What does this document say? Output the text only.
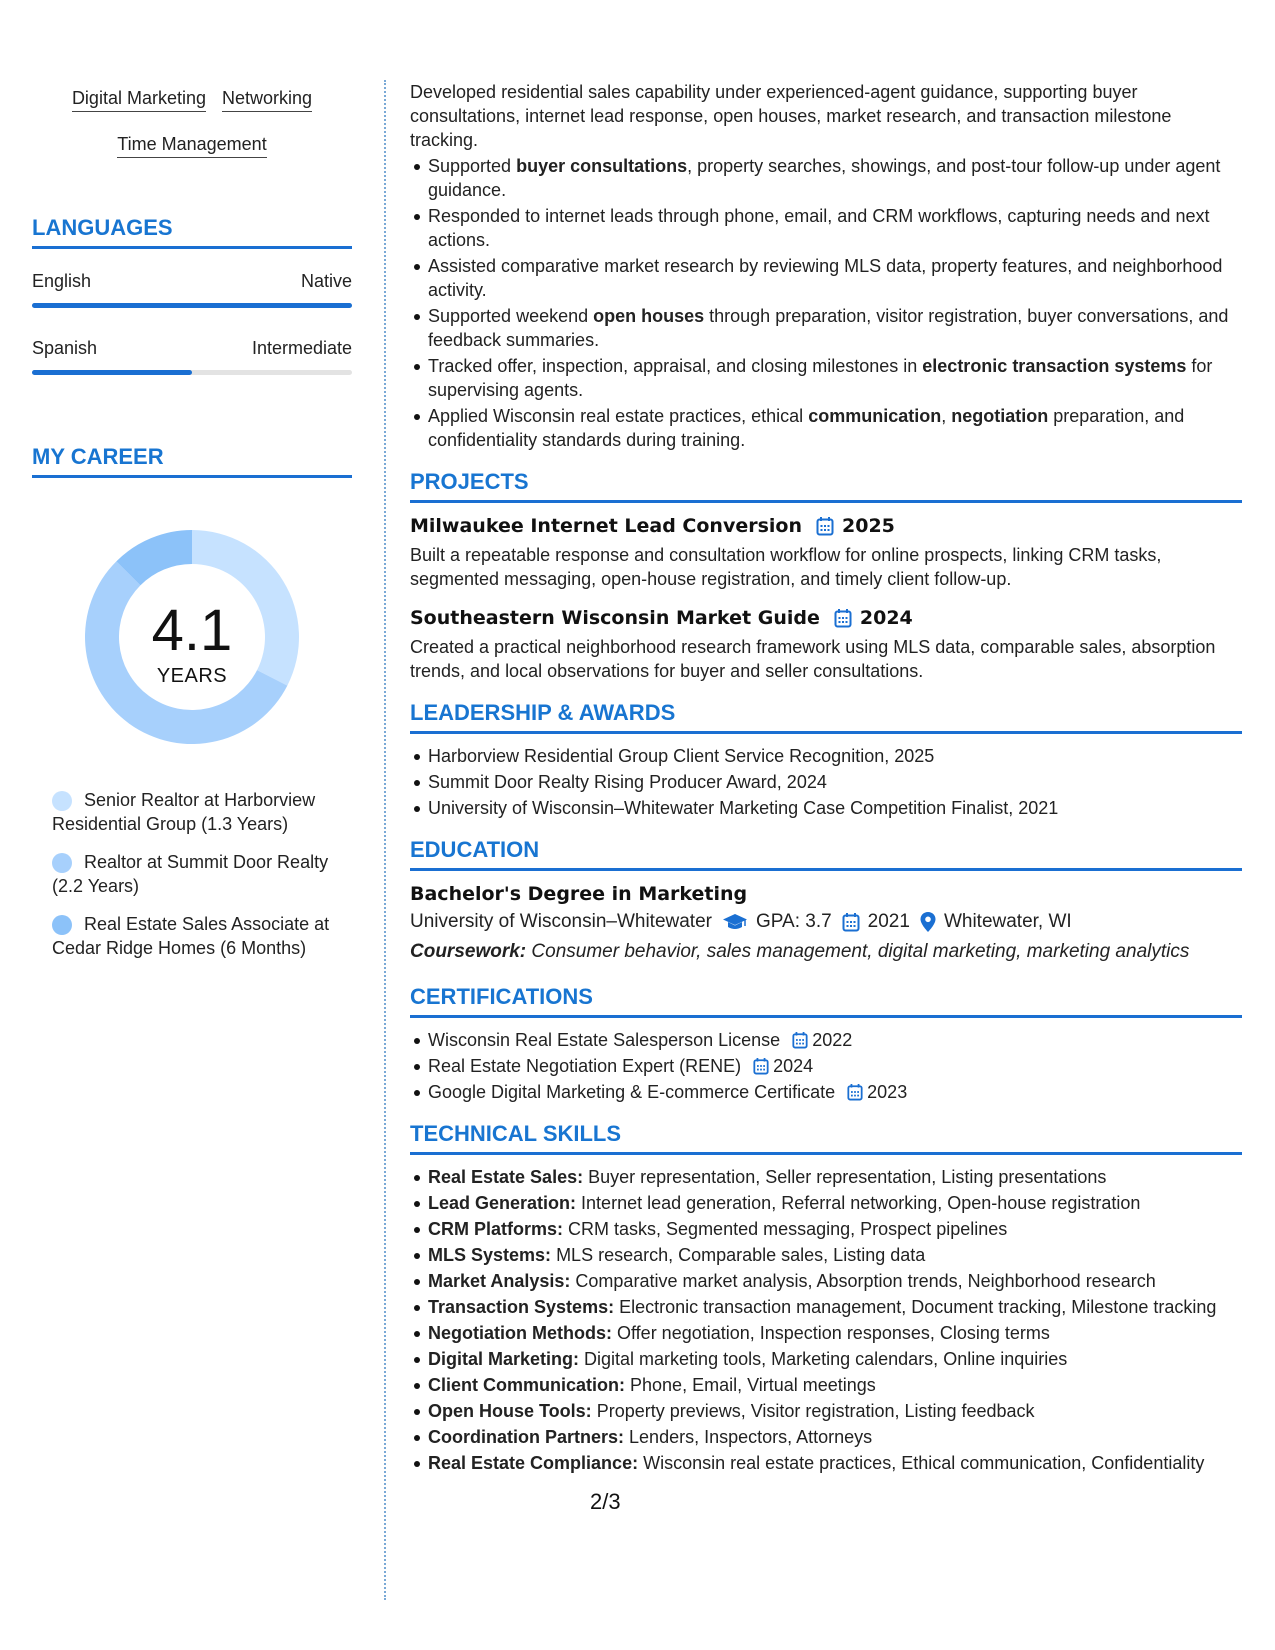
Digital Marketing Networking
Time Management
LANGUAGES
English	Native
Spanish	Intermediate
MY CAREER
4.1
YEARS
Senior Realtor at Harborview Residential Group (1.3 Years)
Realtor at Summit Door Realty (2.2 Years)
Real Estate Sales Associate at Cedar Ridge Homes (6 Months)
Developed residential sales capability under experienced-agent guidance, supporting buyer consultations, internet lead response, open houses, market research, and transaction milestone tracking.
Supported buyer consultations, property searches, showings, and post-tour follow-up under agent guidance.
Responded to internet leads through phone, email, and CRM workflows, capturing needs and next actions.
Assisted comparative market research by reviewing MLS data, property features, and neighborhood activity.
Supported weekend open houses through preparation, visitor registration, buyer conversations, and feedback summaries.
Tracked offer, inspection, appraisal, and closing milestones in electronic transaction systems for supervising agents.
Applied Wisconsin real estate practices, ethical communication, negotiation preparation, and confidentiality standards during training.
PROJECTS
Milwaukee Internet Lead Conversion 2025
Built a repeatable response and consultation workflow for online prospects, linking CRM tasks, segmented messaging, open-house registration, and timely client follow-up.
Southeastern Wisconsin Market Guide 2024
Created a practical neighborhood research framework using MLS data, comparable sales, absorption trends, and local observations for buyer and seller consultations.
LEADERSHIP & AWARDS
Harborview Residential Group Client Service Recognition, 2025
Summit Door Realty Rising Producer Award, 2024
University of Wisconsin–Whitewater Marketing Case Competition Finalist, 2021
EDUCATION
Bachelor's Degree in Marketing
University of Wisconsin–Whitewater GPA: 3.7 2021 Whitewater, WI
Coursework: Consumer behavior, sales management, digital marketing, marketing analytics
CERTIFICATIONS
Wisconsin Real Estate Salesperson License 2022
Real Estate Negotiation Expert (RENE) 2024
Google Digital Marketing & E-commerce Certificate 2023
TECHNICAL SKILLS
Real Estate Sales: Buyer representation, Seller representation, Listing presentations
Lead Generation: Internet lead generation, Referral networking, Open-house registration
CRM Platforms: CRM tasks, Segmented messaging, Prospect pipelines
MLS Systems: MLS research, Comparable sales, Listing data
Market Analysis: Comparative market analysis, Absorption trends, Neighborhood research
Transaction Systems: Electronic transaction management, Document tracking, Milestone tracking
Negotiation Methods: Offer negotiation, Inspection responses, Closing terms
Digital Marketing: Digital marketing tools, Marketing calendars, Online inquiries
Client Communication: Phone, Email, Virtual meetings
Open House Tools: Property previews, Visitor registration, Listing feedback
Coordination Partners: Lenders, Inspectors, Attorneys
Real Estate Compliance: Wisconsin real estate practices, Ethical communication, Confidentiality
2/3
